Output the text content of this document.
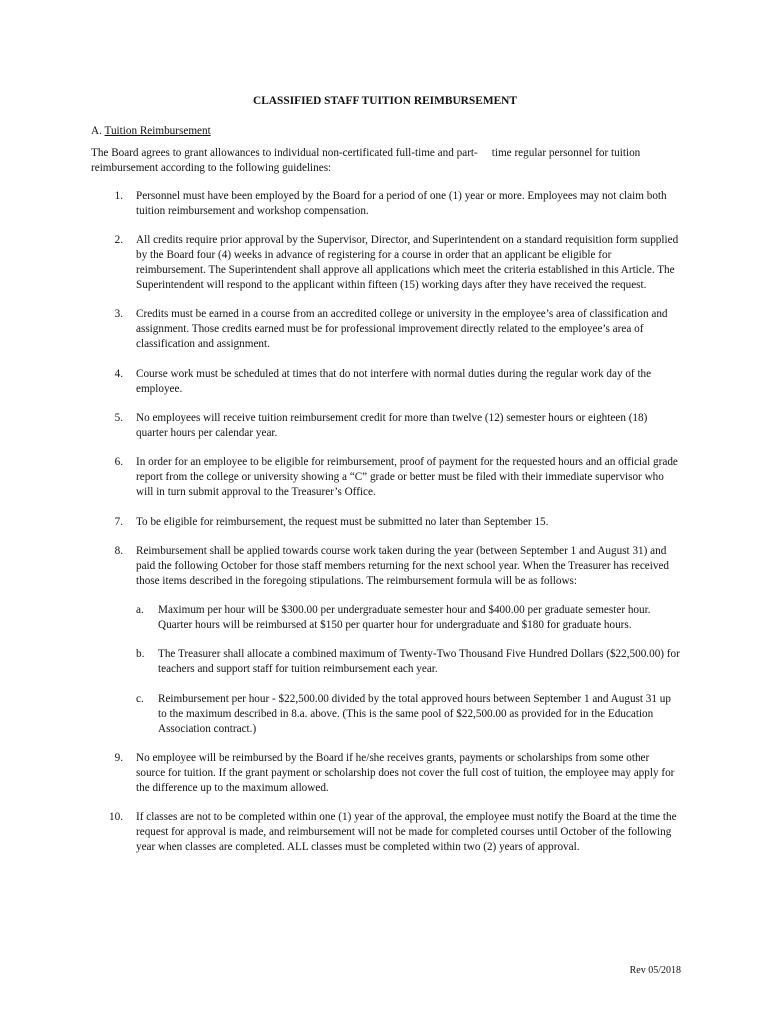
CLASSIFIED STAFF TUITION REIMBURSEMENT
A. Tuition Reimbursement
The Board agrees to grant allowances to individual non-certificated full-time and part- time regular personnel for tuition reimbursement according to the following guidelines:
1. Personnel must have been employed by the Board for a period of one (1) year or more. Employees may not claim both tuition reimbursement and workshop compensation.
2. All credits require prior approval by the Supervisor, Director, and Superintendent on a standard requisition form supplied by the Board four (4) weeks in advance of registering for a course in order that an applicant be eligible for reimbursement. The Superintendent shall approve all applications which meet the criteria established in this Article. The Superintendent will respond to the applicant within fifteen (15) working days after they have received the request.
3. Credits must be earned in a course from an accredited college or university in the employee’s area of classification and assignment. Those credits earned must be for professional improvement directly related to the employee’s area of classification and assignment.
4. Course work must be scheduled at times that do not interfere with normal duties during the regular work day of the employee.
5. No employees will receive tuition reimbursement credit for more than twelve (12) semester hours or eighteen (18) quarter hours per calendar year.
6. In order for an employee to be eligible for reimbursement, proof of payment for the requested hours and an official grade report from the college or university showing a “C” grade or better must be filed with their immediate supervisor who will in turn submit approval to the Treasurer’s Office.
7. To be eligible for reimbursement, the request must be submitted no later than September 15.
8. Reimbursement shall be applied towards course work taken during the year (between September 1 and August 31) and paid the following October for those staff members returning for the next school year. When the Treasurer has received those items described in the foregoing stipulations. The reimbursement formula will be as follows:
a. Maximum per hour will be $300.00 per undergraduate semester hour and $400.00 per graduate semester hour. Quarter hours will be reimbursed at $150 per quarter hour for undergraduate and $180 for graduate hours.
b. The Treasurer shall allocate a combined maximum of Twenty-Two Thousand Five Hundred Dollars ($22,500.00) for teachers and support staff for tuition reimbursement each year.
c. Reimbursement per hour - $22,500.00 divided by the total approved hours between September 1 and August 31 up to the maximum described in 8.a. above. (This is the same pool of $22,500.00 as provided for in the Education Association contract.)
9. No employee will be reimbursed by the Board if he/she receives grants, payments or scholarships from some other source for tuition. If the grant payment or scholarship does not cover the full cost of tuition, the employee may apply for the difference up to the maximum allowed.
10. If classes are not to be completed within one (1) year of the approval, the employee must notify the Board at the time the request for approval is made, and reimbursement will not be made for completed courses until October of the following year when classes are completed. ALL classes must be completed within two (2) years of approval.
Rev 05/2018
